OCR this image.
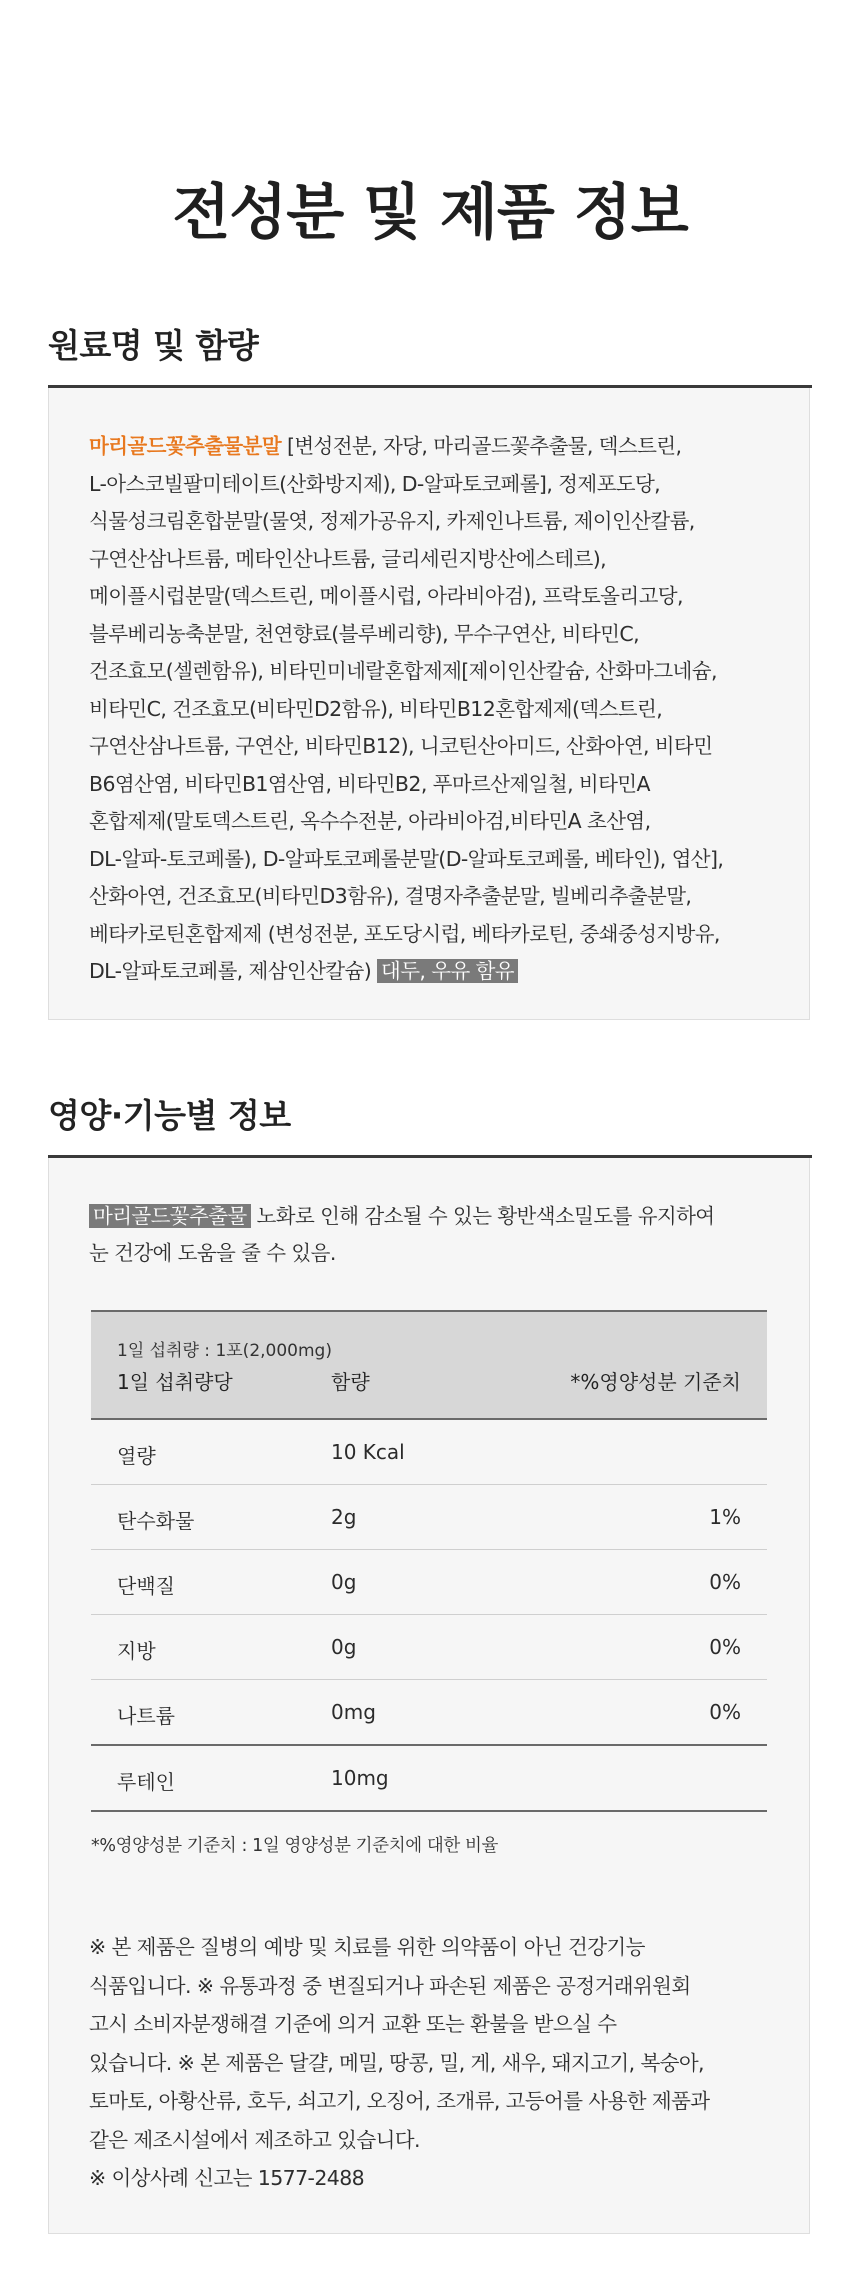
전성분 및 제품 정보
원료명 및 함량
마리골드꽃추출물분말 [변성전분, 자당, 마리골드꽃추출물, 덱스트린,
L-아스코빌팔미테이트(산화방지제), D-알파토코페롤], 정제포도당,
식물성크림혼합분말(물엿, 정제가공유지, 카제인나트륨, 제이인산칼륨,
구연산삼나트륨, 메타인산나트륨, 글리세린지방산에스테르),
메이플시럽분말(덱스트린, 메이플시럽, 아라비아검), 프락토올리고당,
블루베리농축분말, 천연향료(블루베리향), 무수구연산, 비타민C,
건조효모(셀렌함유), 비타민미네랄혼합제제[제이인산칼슘, 산화마그네슘,
비타민C, 건조효모(비타민D2함유), 비타민B12혼합제제(덱스트린,
구연산삼나트륨, 구연산, 비타민B12), 니코틴산아미드, 산화아연, 비타민
B6염산염, 비타민B1염산염, 비타민B2, 푸마르산제일철, 비타민A
혼합제제(말토덱스트린, 옥수수전분, 아라비아검,비타민A 초산염,
DL-알파-토코페롤), D-알파토코페롤분말(D-알파토코페롤, 베타인), 엽산],
산화아연, 건조효모(비타민D3함유), 결명자추출분말, 빌베리추출분말,
베타카로틴혼합제제 (변성전분, 포도당시럽, 베타카로틴, 중쇄중성지방유,
DL-알파토코페롤, 제삼인산칼슘) 대두, 우유 함유
영양·기능별 정보
마리골드꽃추출물 노화로 인해 감소될 수 있는 황반색소밀도를 유지하여
눈 건강에 도움을 줄 수 있음.
1일 섭취량 : 1포(2,000mg)
1일 섭취량당	함량	*%영양성분 기준치
열량	10 Kcal
탄수화물	2g	1%
단백질	0g	0%
지방	0g	0%
나트륨	0mg	0%
루테인	10mg
*%영양성분 기준치 : 1일 영양성분 기준치에 대한 비율
※ 본 제품은 질병의 예방 및 치료를 위한 의약품이 아닌 건강기능
식품입니다. ※ 유통과정 중 변질되거나 파손된 제품은 공정거래위원회
고시 소비자분쟁해결 기준에 의거 교환 또는 환불을 받으실 수
있습니다. ※ 본 제품은 달걀, 메밀, 땅콩, 밀, 게, 새우, 돼지고기, 복숭아,
토마토, 아황산류, 호두, 쇠고기, 오징어, 조개류, 고등어를 사용한 제품과
같은 제조시설에서 제조하고 있습니다.
※ 이상사례 신고는 1577-2488
